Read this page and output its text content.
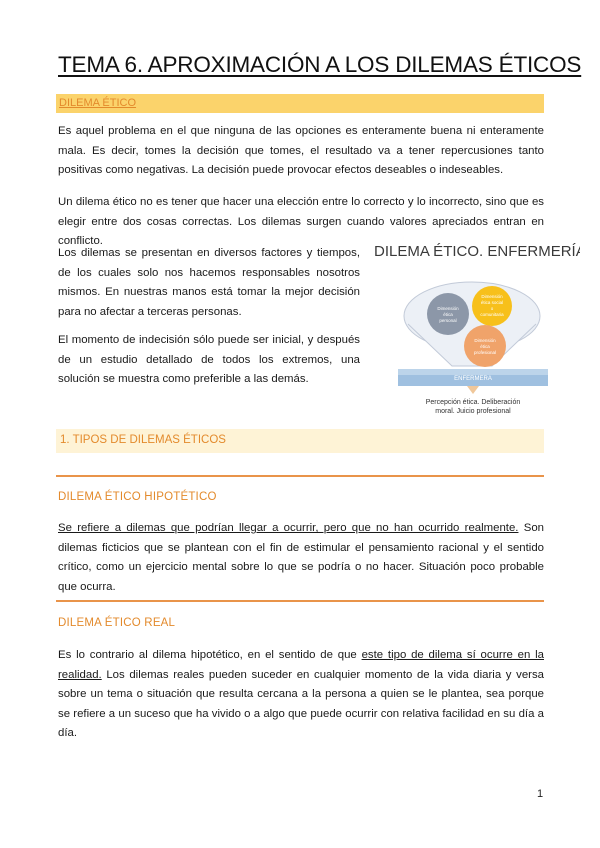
TEMA 6. APROXIMACIÓN A LOS DILEMAS ÉTICOS
DILEMA ÉTICO

Es aquel problema en el que ninguna de las opciones es enteramente buena ni enteramente mala. Es decir, tomes la decisión que tomes, el resultado va a tener repercusiones tanto positivas como negativas. La decisión puede provocar efectos deseables o indeseables.

Un dilema ético no es tener que hacer una elección entre lo correcto y lo incorrecto, sino que es elegir entre dos cosas correctas. Los dilemas surgen cuando valores apreciados entran en conflicto.

Los dilemas se presentan en diversos factores y tiempos, de los cuales solo nos hacemos responsables nosotros mismos. En nuestras manos está tomar la mejor decisión para no afectar a terceras personas.

El momento de indecisión sólo puede ser inicial, y después de un estudio detallado de todos los extremos, una solución se muestra como preferible a las demás.

DILEMA ÉTICO. ENFERMERÍA
Dimensión
ética
personal
Dimensión
ética social
o
comunitaria
Dimensión
ética
profesional
ENFERMERA
Percepción ética. Deliberación
moral. Juicio profesional
1. TIPOS DE DILEMAS ÉTICOS
DILEMA ÉTICO HIPOTÉTICO

Se refiere a dilemas que podrían llegar a ocurrir, pero que no han ocurrido realmente. Son dilemas ficticios que se plantean con el fin de estimular el pensamiento racional y el sentido crítico, como un ejercicio mental sobre lo que se podría o no hacer. Situación poco probable que ocurra.

DILEMA ÉTICO REAL

Es lo contrario al dilema hipotético, en el sentido de que este tipo de dilema sí ocurre en la realidad. Los dilemas reales pueden suceder en cualquier momento de la vida diaria y versa sobre un tema o situación que resulta cercana a la persona a quien se le plantea, sea porque se refiere a un suceso que ha vivido o a algo que puede ocurrir con relativa facilidad en su día a día.

1
